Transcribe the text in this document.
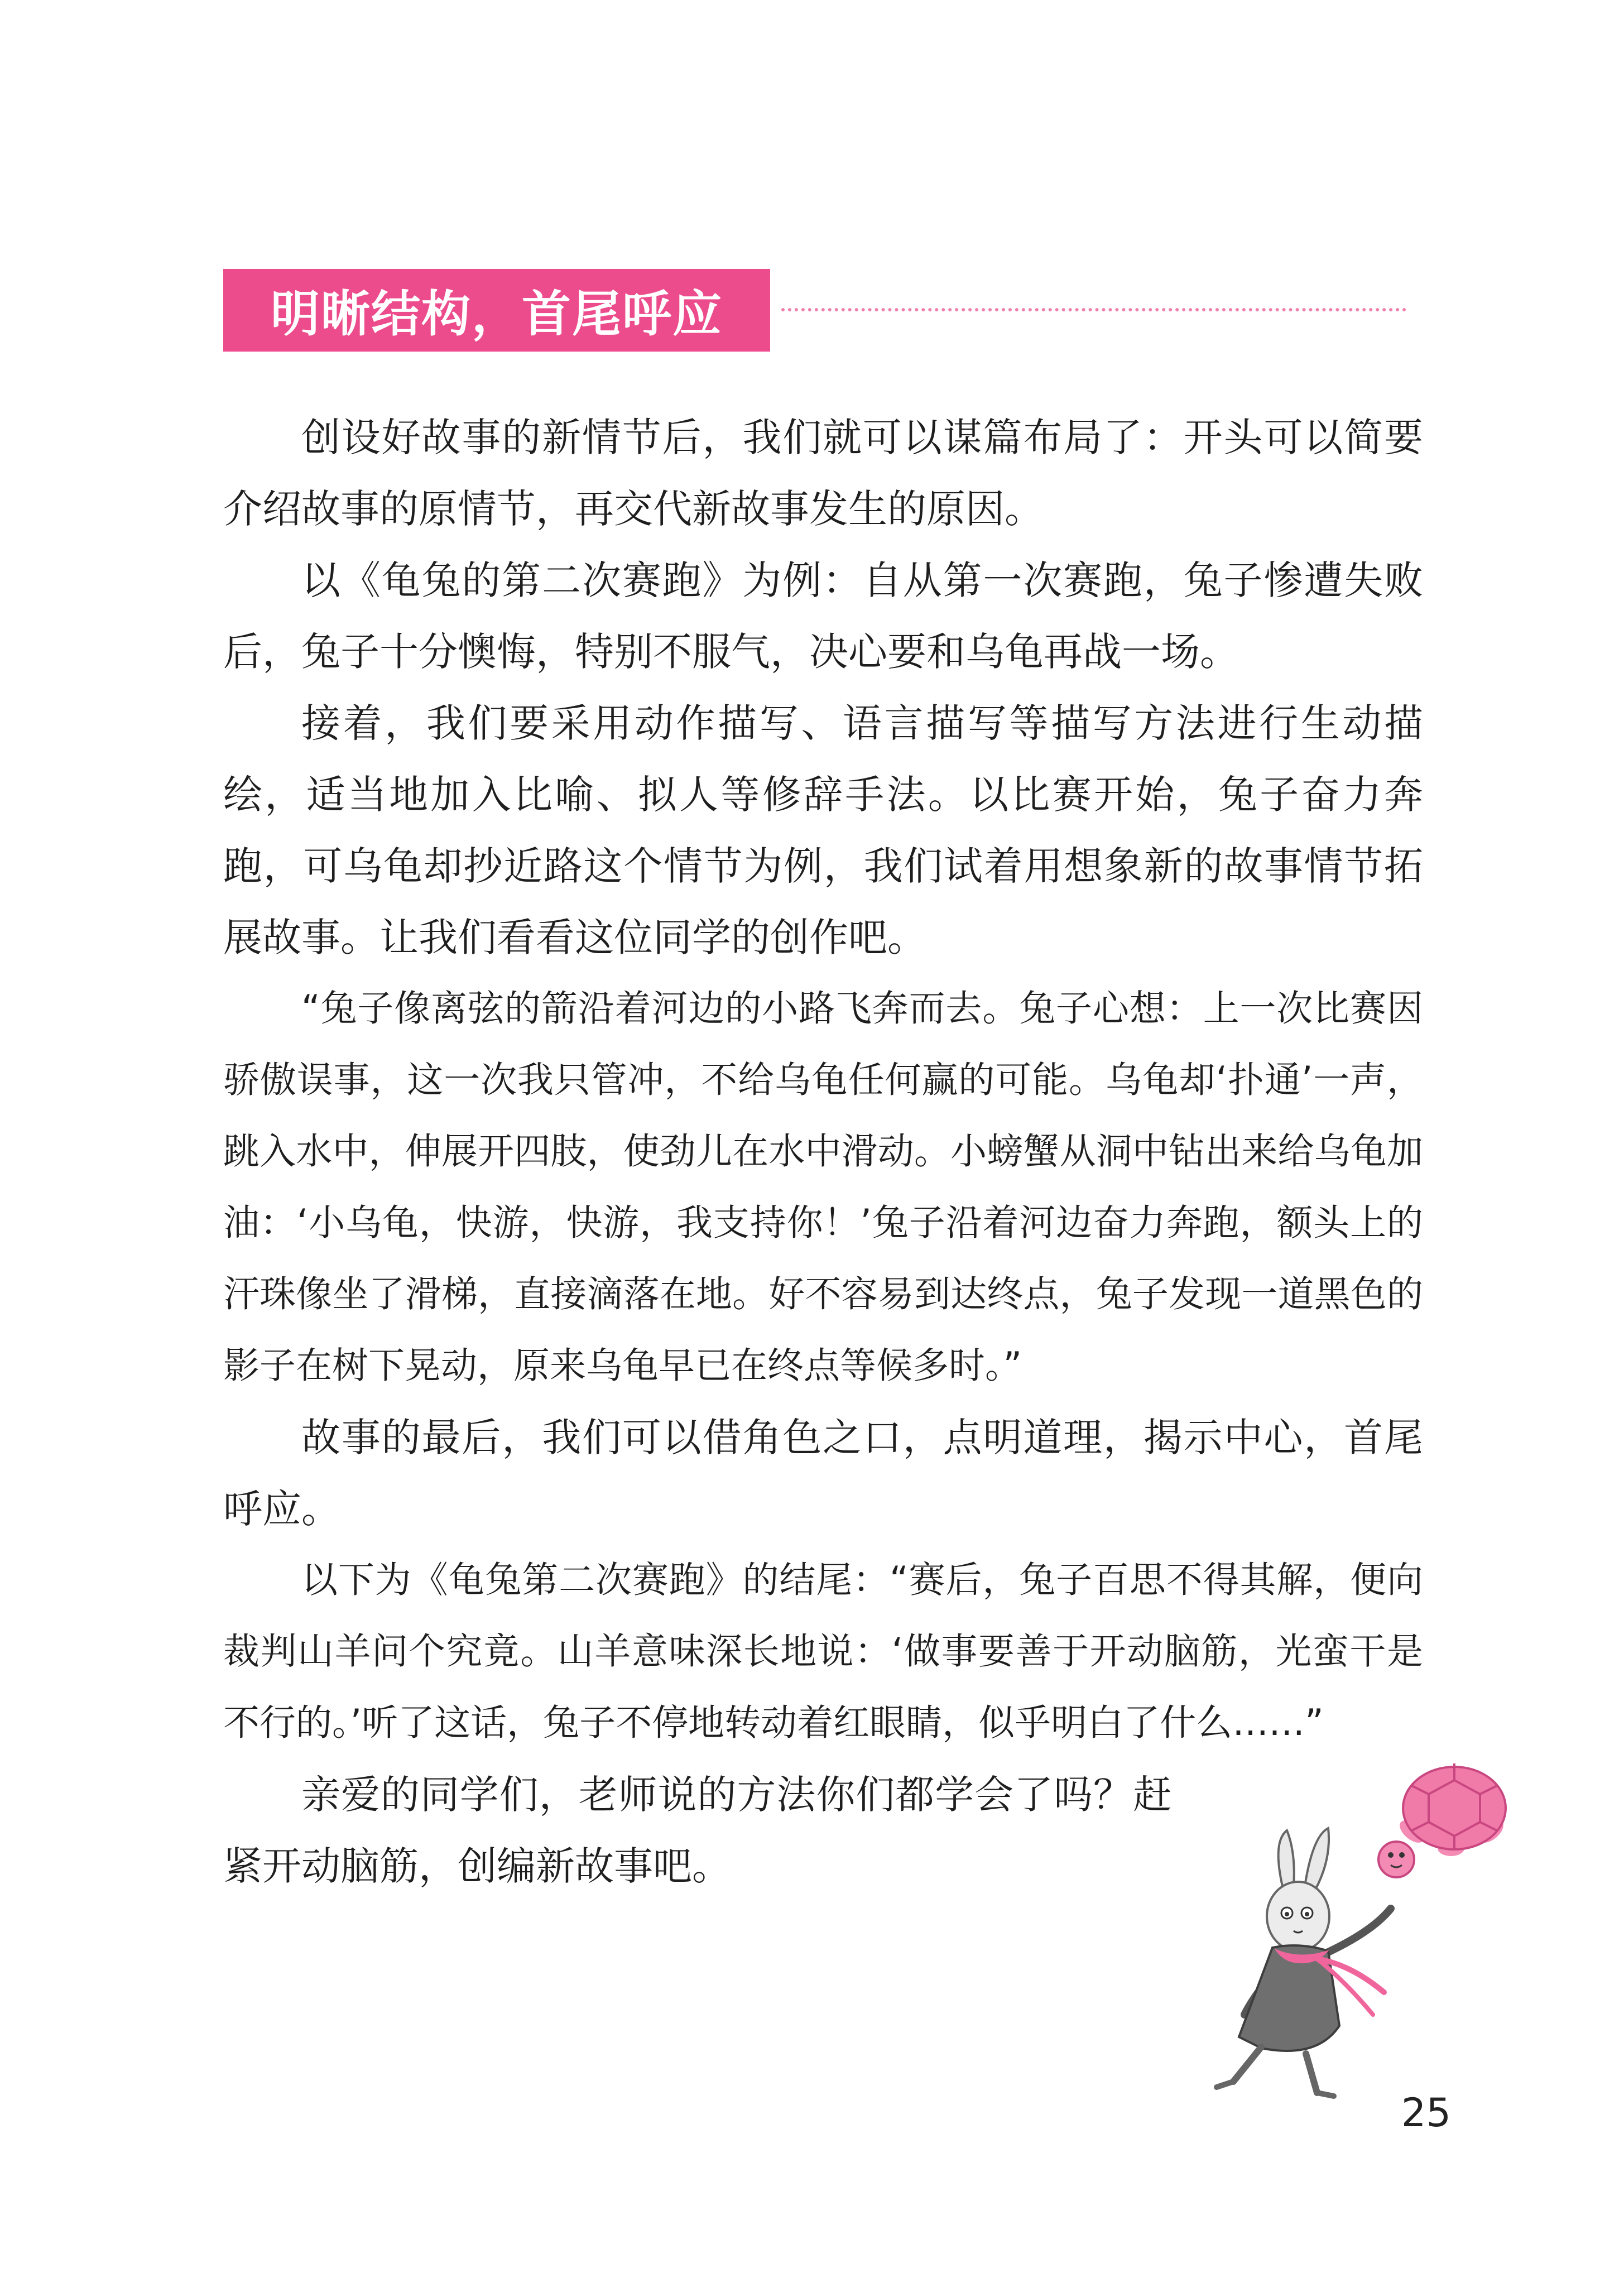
明晰结构，首尾呼应

创设好故事的新情节后，我们就可以谋篇布局了：开头可以简要介绍故事的原情节，再交代新故事发生的原因。

以《龟兔的第二次赛跑》为例：自从第一次赛跑，兔子惨遭失败后，兔子十分懊悔，特别不服气，决心要和乌龟再战一场。

接着，我们要采用动作描写、语言描写等描写方法进行生动描绘，适当地加入比喻、拟人等修辞手法。以比赛开始，兔子奋力奔跑，可乌龟却抄近路这个情节为例，我们试着用想象新的故事情节拓展故事。让我们看看这位同学的创作吧。

“兔子像离弦的箭沿着河边的小路飞奔而去。兔子心想：上一次比赛因骄傲误事，这一次我只管冲，不给乌龟任何赢的可能。乌龟却‘扑通’一声，跳入水中，伸展开四肢，使劲儿在水中滑动。小螃蟹从洞中钻出来给乌龟加油：‘小乌龟，快游，快游，我支持你！’兔子沿着河边奋力奔跑，额头上的汗珠像坐了滑梯，直接滴落在地。好不容易到达终点，兔子发现一道黑色的影子在树下晃动，原来乌龟早已在终点等候多时。”

故事的最后，我们可以借角色之口，点明道理，揭示中心，首尾呼应。

以下为《龟兔第二次赛跑》的结尾：“赛后，兔子百思不得其解，便向裁判山羊问个究竟。山羊意味深长地说：‘做事要善于开动脑筋，光蛮干是不行的。’听了这话，兔子不停地转动着红眼睛，似乎明白了什么……”

亲爱的同学们，老师说的方法你们都学会了吗？赶紧开动脑筋，创编新故事吧。

25
